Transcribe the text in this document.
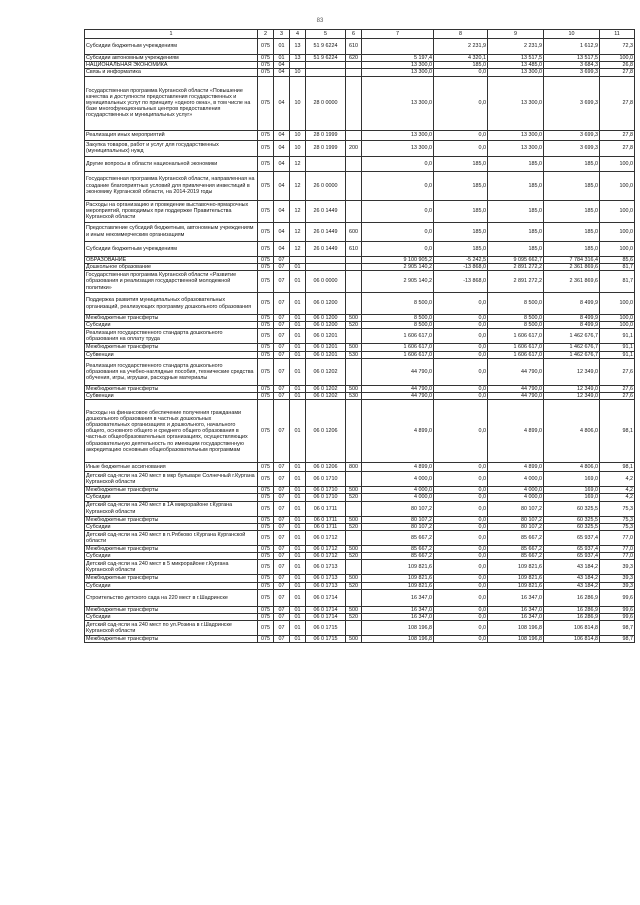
83
1	2	3	4	5	6	7	8	9	10	11
Субсидии бюджетным учреждениям	075	01	13	51 9 6224	610		2 231,9	2 231,9	1 612,9	72,3
Субсидии автономным учреждениям	075	01	13	51 9 6224	620	5 197,4	4 320,1	13 517,5	13 517,5	100,0
НАЦИОНАЛЬНАЯ ЭКОНОМИКА	075	04				13 300,0	185,0	13 485,0	3 684,3	26,8
Связь и информатика	075	04	10			13 300,0	0,0	13 300,0	3 699,3	27,8
Государственная программа Курганской области «Повышение качества и доступности предоставления государственных и муниципальных услуг по принципу «одного окна», в том числе на базе многофункциональных центров предоставления государственных и муниципальных услуг»	075	04	10	28 0 0000		13 300,0	0,0	13 300,0	3 699,3	27,8
Реализация иных мероприятий	075	04	10	28 0 1999		13 300,0	0,0	13 300,0	3 699,3	27,8
Закупка товаров, работ и услуг для государственных (муниципальных) нужд	075	04	10	28 0 1999	200	13 300,0	0,0	13 300,0	3 699,3	27,8
Другие вопросы в области национальной экономики	075	04	12			0,0	185,0	185,0	185,0	100,0
Государственная программа Курганской области, направленная на создание благоприятных условий для привлечения инвестиций в экономику Курганской области, на 2014-2019 годы	075	04	12	26 0 0000		0,0	185,0	185,0	185,0	100,0
Расходы на организацию и проведение выставочно-ярмарочных мероприятий, проводимых при поддержке Правительства Курганской области	075	04	12	26 0 1449		0,0	185,0	185,0	185,0	100,0
Предоставление субсидий бюджетным, автономным учреждениям и иным некоммерческим организациям	075	04	12	26 0 1449	600	0,0	185,0	185,0	185,0	100,0
Субсидии бюджетным учреждениям	075	04	12	26 0 1449	610	0,0	185,0	185,0	185,0	100,0
ОБРАЗОВАНИЕ	075	07				9 100 905,2	-5 242,5	9 095 662,7	7 784 316,4	85,6
Дошкольное образование	075	07	01			2 905 140,2	-13 868,0	2 891 272,2	2 361 869,6	81,7
Государственная программа Курганской области «Развитие образования и реализация государственной молодежной политики»	075	07	01	06 0 0000		2 905 140,2	-13 868,0	2 891 272,2	2 361 869,6	81,7
Поддержка развития муниципальных образовательных организаций, реализующих программу дошкольного образования	075	07	01	06 0 1200		8 500,0	0,0	8 500,0	8 499,9	100,0
Межбюджетные трансферты	075	07	01	06 0 1200	500	8 500,0	0,0	8 500,0	8 499,9	100,0
Субсидии	075	07	01	06 0 1200	520	8 500,0	0,0	8 500,0	8 499,9	100,0
Реализация государственного стандарта дошкольного образования на оплату труда	075	07	01	06 0 1201		1 606 617,0	0,0	1 606 617,0	1 462 676,7	91,1
Межбюджетные трансферты	075	07	01	06 0 1201	500	1 606 617,0	0,0	1 606 617,0	1 462 676,7	91,1
Субвенции	075	07	01	06 0 1201	530	1 606 617,0	0,0	1 606 617,0	1 462 676,7	91,1
Реализация государственного стандарта дошкольного образования на учебно-наглядные пособия, технические средства обучения, игры, игрушки, расходные материалы	075	07	01	06 0 1202		44 790,0	0,0	44 790,0	12 349,0	27,6
Межбюджетные трансферты	075	07	01	06 0 1202	500	44 790,0	0,0	44 790,0	12 349,0	27,6
Субвенции	075	07	01	06 0 1202	530	44 790,0	0,0	44 790,0	12 349,0	27,6
Расходы на финансовое обеспечение получения гражданами дошкольного образования в частных дошкольных образовательных организациях и дошкольного, начального общего, основного общего и среднего общего образования в частных общеобразовательных организациях, осуществляющих образовательную деятельность по имеющим государственную аккредитацию основным общеобразовательным программам	075	07	01	06 0 1206		4 899,0	0,0	4 899,0	4 806,0	98,1
Иные бюджетные ассигнования	075	07	01	06 0 1206	800	4 899,0	0,0	4 899,0	4 806,0	98,1
Детский сад-ясли на 240 мест в мкр бульваре Солнечный г.Кургана Курганской области	075	07	01	06 0 1710		4 000,0	0,0	4 000,0	169,0	4,2
Межбюджетные трансферты	075	07	01	06 0 1710	500	4 000,0	0,0	4 000,0	169,0	4,2
Субсидии	075	07	01	06 0 1710	520	4 000,0	0,0	4 000,0	169,0	4,2
Детский сад-ясли на 240 мест в 1А микрорайоне г.Кургана Курганской области	075	07	01	06 0 1711		80 107,2	0,0	80 107,2	60 325,5	75,3
Межбюджетные трансферты	075	07	01	06 0 1711	500	80 107,2	0,0	80 107,2	60 325,5	75,3
Субсидии	075	07	01	06 0 1711	520	80 107,2	0,0	80 107,2	60 325,5	75,3
Детский сад-ясли на 240 мест в п.Рябково г.Кургана Курганской области	075	07	01	06 0 1712		85 667,2	0,0	85 667,2	65 937,4	77,0
Межбюджетные трансферты	075	07	01	06 0 1712	500	85 667,2	0,0	85 667,2	65 937,4	77,0
Субсидии	075	07	01	06 0 1712	520	85 667,2	0,0	85 667,2	65 937,4	77,0
Детский сад-ясли на 240 мест в 5 микрорайоне г.Кургана Курганской области	075	07	01	06 0 1713		109 821,6	0,0	109 821,6	43 184,2	39,3
Межбюджетные трансферты	075	07	01	06 0 1713	500	109 821,6	0,0	109 821,6	43 184,2	39,3
Субсидии	075	07	01	06 0 1713	520	109 821,6	0,0	109 821,6	43 184,2	39,3
Строительство детского сада на 220 мест в г.Шадринске	075	07	01	06 0 1714		16 347,0	0,0	16 347,0	16 286,9	99,6
Межбюджетные трансферты	075	07	01	06 0 1714	500	16 347,0	0,0	16 347,0	16 286,9	99,6
Субсидии	075	07	01	06 0 1714	520	16 347,0	0,0	16 347,0	16 286,9	99,6
Детский сад-ясли на 240 мест по ул.Розина в г.Шадринске Курганской области	075	07	01	06 0 1715		108 196,8	0,0	108 196,8	106 814,8	98,7
Межбюджетные трансферты	075	07	01	06 0 1715	500	108 196,8	0,0	108 196,8	106 814,8	98,7
